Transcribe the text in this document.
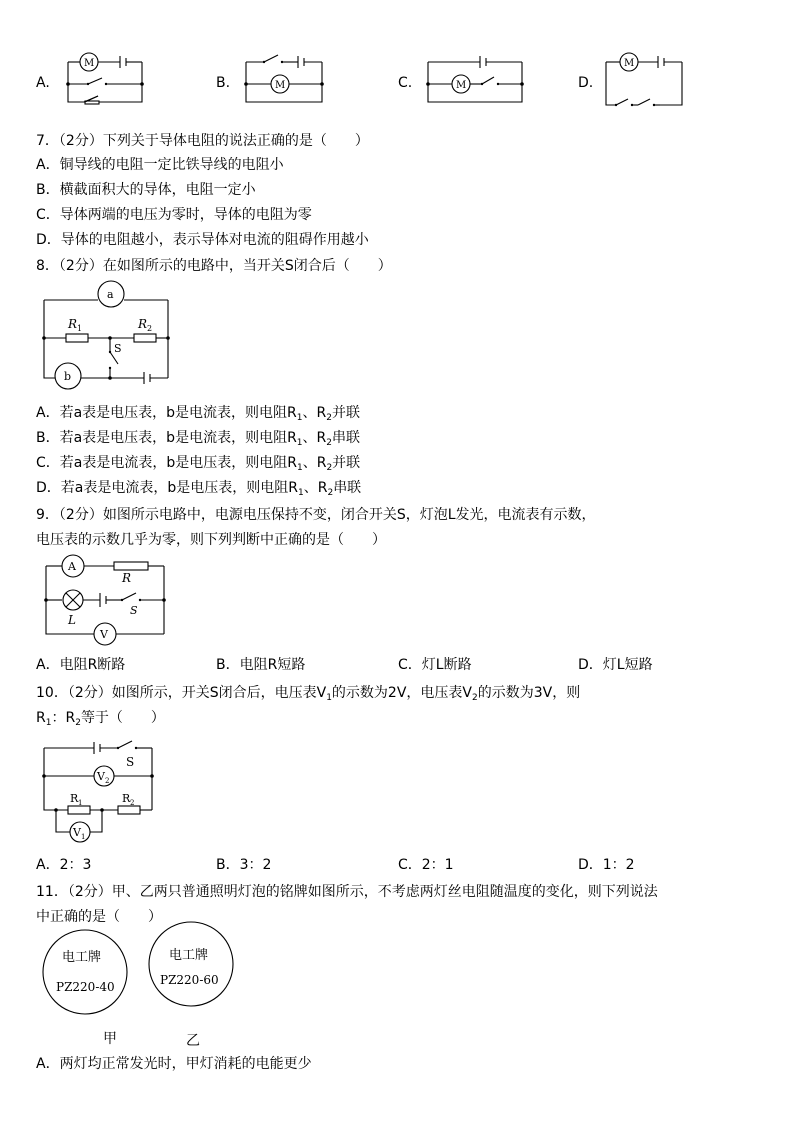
A.
M
B.	M	C.	M	D.
M
7．（2分）下列关于导体电阻的说法正确的是（　　）
A．铜导线的电阻一定比铁导线的电阻小
B．横截面积大的导体，电阻一定小
C．导体两端的电压为零时，导体的电阻为零
D．导体的电阻越小，表示导体对电流的阻碍作用越小
8．（2分）在如图所示的电路中，当开关S闭合后（　　）
a
R 1	R 2
S
b
A．若a表是电压表，b是电流表，则电阻$R_1$、$R_2$并联
B．若a表是电压表，b是电流表，则电阻$R_1$、$R_2$串联
C．若a表是电流表，b是电压表，则电阻$R_1$、$R_2$并联
D．若a表是电流表，b是电压表，则电阻$R_1$、$R_2$串联
9．（2分）如图所示电路中，电源电压保持不变，闭合开关S，灯泡L发光，电流表有示数，
电压表的示数几乎为零，则下列判断中正确的是（　　）
A
R
L
S
V
A．电阻R断路	B．电阻R短路	C．灯L断路	D．灯L短路
10．（2分）如图所示，开关S闭合后，电压表$V_1$的示数为2V，电压表$V_2$的示数为3V，则
$R_1$：$R_2$等于（　　）
S
V 2
R 1	R 2
V 1
A．2：3	B．3：2	C．2：1	D．1：2
11．（2分）甲、乙两只普通照明灯泡的铭牌如图所示，不考虑两灯丝电阻随温度的变化，则下列说法
中正确的是（　　）
电工牌
PZ220-40
甲
电工牌
PZ220-60
乙
A．两灯均正常发光时，甲灯消耗的电能更少
